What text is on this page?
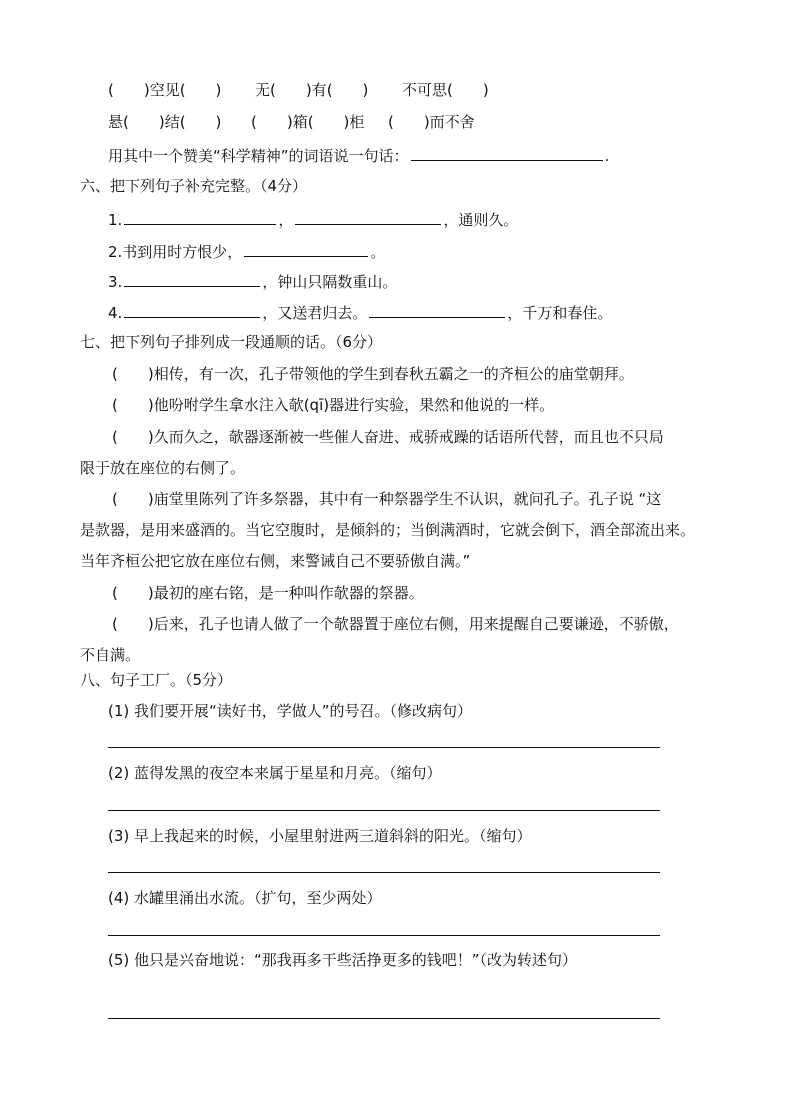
(　　)空见(　　) 无(　　)有(　　) 不可思(　　)
悬(　　)结(　　) (　　)箱(　　)柜 (　　)而不舍
用其中一个赞美“科学精神”的词语说一句话：	.
六、把下列句子补充完整。（4分）
1.	，	，通则久。
2.书到用时方恨少，	。
3.	，钟山只隔数重山。
4.	，又送君归去。	，千万和春住。
七、把下列句子排列成一段通顺的话。（6分）
(　　)相传，有一次，孔子带领他的学生到春秋五霸之一的齐桓公的庙堂朝拜。
(　　)他吩咐学生拿水注入欹(qī)器进行实验，果然和他说的一样。
(　　)久而久之，欹器逐渐被一些催人奋进、戒骄戒躁的话语所代替，而且也不只局
限于放在座位的右侧了。
(　　)庙堂里陈列了许多祭器，其中有一种祭器学生不认识，就问孔子。孔子说 “这
是款器，是用来盛酒的。当它空腹时，是倾斜的；当倒满酒时，它就会倒下，酒全部流出来。
当年齐桓公把它放在座位右侧，来警诫自己不要骄傲自满。”
(　　)最初的座右铭，是一种叫作欹器的祭器。
(　　)后来，孔子也请人做了一个欹器置于座位右侧，用来提醒自己要谦逊，不骄傲，
不自满。
八、句子工厂。（5分）
(1) 我们要开展“读好书，学做人”的号召。（修改病句）
(2) 蓝得发黑的夜空本来属于星星和月亮。（缩句）
(3) 早上我起来的时候，小屋里射进两三道斜斜的阳光。（缩句）
(4) 水罐里涌出水流。（扩句，至少两处）
(5) 他只是兴奋地说：“那我再多干些活挣更多的钱吧！”（改为转述句）
